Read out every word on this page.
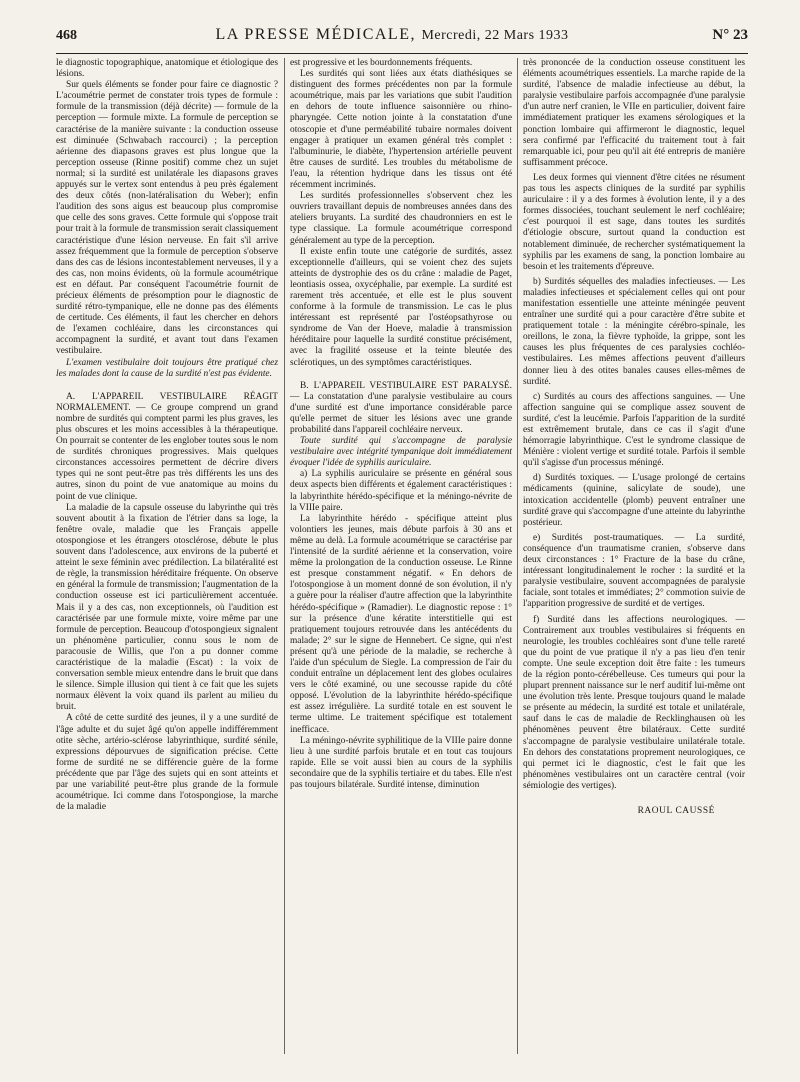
468	LA PRESSE MÉDICALE, Mercredi, 22 Mars 1933	N° 23

le diagnostic topographique, anatomique et étiologique des lésions.

Sur quels éléments se fonder pour faire ce diagnostic ? L'acoumétrie permet de constater trois types de formule : formule de la transmission (déjà décrite) — formule de la perception — formule mixte. La formule de perception se caractérise de la manière suivante : la conduction osseuse est diminuée (Schwabach raccourci) ; la perception aérienne des diapasons graves est plus longue que la perception osseuse (Rinne positif) comme chez un sujet normal; si la surdité est unilatérale les diapasons graves appuyés sur le vertex sont entendus à peu près également des deux côtés (non-latéralisation du Weber); enfin l'audition des sons aigus est beaucoup plus compromise que celle des sons graves. Cette formule qui s'oppose trait pour trait à la formule de transmission serait classiquement caractéristique d'une lésion nerveuse. En fait s'il arrive assez fréquemment que la formule de perception s'observe dans des cas de lésions incontestablement nerveuses, il y a des cas, non moins évidents, où la formule acoumétrique est en défaut. Par conséquent l'acoumétrie fournit de précieux éléments de présomption pour le diagnostic de surdité rétro-tympanique, elle ne donne pas des éléments de certitude. Ces éléments, il faut les chercher en dehors de l'examen cochléaire, dans les circonstances qui accompagnent la surdité, et avant tout dans l'examen vestibulaire.

L'examen vestibulaire doit toujours être pratiqué chez les malades dont la cause de la surdité n'est pas évidente.

A. L'APPAREIL VESTIBULAIRE RÉAGIT NORMALEMENT. — Ce groupe comprend un grand nombre de surdités qui comptent parmi les plus graves, les plus obscures et les moins accessibles à la thérapeutique. On pourrait se contenter de les englober toutes sous le nom de surdités chroniques progressives. Mais quelques circonstances accessoires permettent de décrire divers types qui ne sont peut-être pas très différents les uns des autres, sinon du point de vue anatomique au moins du point de vue clinique.

La maladie de la capsule osseuse du labyrinthe qui très souvent aboutit à la fixation de l'étrier dans sa loge, la fenêtre ovale, maladie que les Français appelle otospongiose et les étrangers otosclérose, débute le plus souvent dans l'adolescence, aux environs de la puberté et atteint le sexe féminin avec prédilection. La bilatéralité est de règle, la transmission héréditaire fréquente. On observe en général la formule de transmission; l'augmentation de la conduction osseuse est ici particulièrement accentuée. Mais il y a des cas, non exceptionnels, où l'audition est caractérisée par une formule mixte, voire même par une formule de perception. Beaucoup d'otospongieux signalent un phénomène particulier, connu sous le nom de paracousie de Willis, que l'on a pu donner comme caractéristique de la maladie (Escat) : la voix de conversation semble mieux entendre dans le bruit que dans le silence. Simple illusion qui tient à ce fait que les sujets normaux élèvent la voix quand ils parlent au milieu du bruit.

A côté de cette surdité des jeunes, il y a une surdité de l'âge adulte et du sujet âgé qu'on appelle indifféremment otite sèche, artério-sclérose labyrinthique, surdité sénile, expressions dépourvues de signification précise. Cette forme de surdité ne se différencie guère de la forme précédente que par l'âge des sujets qui en sont atteints et par une variabilité peut-être plus grande de la formule acoumétrique. Ici comme dans l'otospongiose, la marche de la maladie

est progressive et les bourdonnements fréquents.

Les surdités qui sont liées aux états diathésiques se distinguent des formes précédentes non par la formule acoumétrique, mais par les variations que subit l'audition en dehors de toute influence saisonnière ou rhino-pharyngée. Cette notion jointe à la constatation d'une otoscopie et d'une perméabilité tubaire normales doivent engager à pratiquer un examen général très complet : l'albuminurie, le diabète, l'hypertension artérielle peuvent être causes de surdité. Les troubles du métabolisme de l'eau, la rétention hydrique dans les tissus ont été récemment incriminés.

Les surdités professionnelles s'observent chez les ouvriers travaillant depuis de nombreuses années dans des ateliers bruyants. La surdité des chaudronniers en est le type classique. La formule acoumétrique correspond généralement au type de la perception.

Il existe enfin toute une catégorie de surdités, assez exceptionnelle d'ailleurs, qui se voient chez des sujets atteints de dystrophie des os du crâne : maladie de Paget, leontiasis ossea, oxycéphalie, par exemple. La surdité est rarement très accentuée, et elle est le plus souvent conforme à la formule de transmission. Le cas le plus intéressant est représenté par l'ostéopsathyrose ou syndrome de Van der Hoeve, maladie à transmission héréditaire pour laquelle la surdité constitue précisément, avec la fragilité osseuse et la teinte bleutée des sclérotiques, un des symptômes caractéristiques.

B. L'APPAREIL VESTIBULAIRE EST PARALYSÉ. — La constatation d'une paralysie vestibulaire au cours d'une surdité est d'une importance considérable parce qu'elle permet de situer les lésions avec une grande probabilité dans l'appareil cochléaire nerveux.

Toute surdité qui s'accompagne de paralysie vestibulaire avec intégrité tympanique doit immédiatement évoquer l'idée de syphilis auriculaire.

a) La syphilis auriculaire se présente en général sous deux aspects bien différents et également caractéristiques : la labyrinthite hérédo-spécifique et la méningo-névrite de la VIIIe paire.

La labyrinthite hérédo - spécifique atteint plus volontiers les jeunes, mais débute parfois à 30 ans et même au delà. La formule acoumétrique se caractérise par l'intensité de la surdité aérienne et la conservation, voire même la prolongation de la conduction osseuse. Le Rinne est presque constamment négatif. « En dehors de l'otospongiose à un moment donné de son évolution, il n'y a guère pour la réaliser d'autre affection que la labyrinthite hérédo-spécifique » (Ramadier). Le diagnostic repose : 1° sur la présence d'une kératite interstitielle qui est pratiquement toujours retrouvée dans les antécédents du malade; 2° sur le signe de Hennebert. Ce signe, qui n'est présent qu'à une période de la maladie, se recherche à l'aide d'un spéculum de Siegle. La compression de l'air du conduit entraîne un déplacement lent des globes oculaires vers le côté examiné, ou une secousse rapide du côté opposé. L'évolution de la labyrinthite hérédo-spécifique est assez irrégulière. La surdité totale en est souvent le terme ultime. Le traitement spécifique est totalement inefficace.

La méningo-névrite syphilitique de la VIIIe paire donne lieu à une surdité parfois brutale et en tout cas toujours rapide. Elle se voit aussi bien au cours de la syphilis secondaire que de la syphilis tertiaire et du tabes. Elle n'est pas toujours bilatérale. Surdité intense, diminution

très prononcée de la conduction osseuse constituent les éléments acoumétriques essentiels. La marche rapide de la surdité, l'absence de maladie infectieuse au début, la paralysie vestibulaire parfois accompagnée d'une paralysie d'un autre nerf cranien, le VIIe en particulier, doivent faire immédiatement pratiquer les examens sérologiques et la ponction lombaire qui affirmeront le diagnostic, lequel sera confirmé par l'efficacité du traitement tout à fait remarquable ici, pour peu qu'il ait été entrepris de manière suffisamment précoce.

Les deux formes qui viennent d'être citées ne résument pas tous les aspects cliniques de la surdité par syphilis auriculaire : il y a des formes à évolution lente, il y a des formes dissociées, touchant seulement le nerf cochléaire; c'est pourquoi il est sage, dans toutes les surdités d'étiologie obscure, surtout quand la conduction est notablement diminuée, de rechercher systématiquement la syphilis par les examens de sang, la ponction lombaire au besoin et les traitements d'épreuve.

b) Surdités séquelles des maladies infectieuses. — Les maladies infectieuses et spécialement celles qui ont pour manifestation essentielle une atteinte méningée peuvent entraîner une surdité qui a pour caractère d'être subite et pratiquement totale : la méningite cérébro-spinale, les oreillons, le zona, la fièvre typhoïde, la grippe, sont les causes les plus fréquentes de ces paralysies cochléo-vestibulaires. Les mêmes affections peuvent d'ailleurs donner lieu à des otites banales causes elles-mêmes de surdité.

c) Surdités au cours des affections sanguines. — Une affection sanguine qui se complique assez souvent de surdité, c'est la leucémie. Parfois l'apparition de la surdité est extrêmement brutale, dans ce cas il s'agit d'une hémorragie labyrinthique. C'est le syndrome classique de Ménière : violent vertige et surdité totale. Parfois il semble qu'il s'agisse d'un processus méningé.

d) Surdités toxiques. — L'usage prolongé de certains médicaments (quinine, salicylate de soude), une intoxication accidentelle (plomb) peuvent entraîner une surdité grave qui s'accompagne d'une atteinte du labyrinthe postérieur.

e) Surdités post-traumatiques. — La surdité, conséquence d'un traumatisme cranien, s'observe dans deux circonstances : 1° Fracture de la base du crâne, intéressant longitudinalement le rocher : la surdité et la paralysie vestibulaire, souvent accompagnées de paralysie faciale, sont totales et immédiates; 2° commotion suivie de l'apparition progressive de surdité et de vertiges.

f) Surdité dans les affections neurologiques. — Contrairement aux troubles vestibulaires si fréquents en neurologie, les troubles cochléaires sont d'une telle rareté que du point de vue pratique il n'y a pas lieu d'en tenir compte. Une seule exception doit être faite : les tumeurs de la région ponto-cérébelleuse. Ces tumeurs qui pour la plupart prennent naissance sur le nerf auditif lui-même ont une évolution très lente. Presque toujours quand le malade se présente au médecin, la surdité est totale et unilatérale, sauf dans le cas de maladie de Recklinghausen où les phénomènes peuvent être bilatéraux. Cette surdité s'accompagne de paralysie vestibulaire unilatérale totale. En dehors des constatations proprement neurologiques, ce qui permet ici le diagnostic, c'est le fait que les phénomènes vestibulaires ont un caractère central (voir sémiologie des vertiges).

RAOUL CAUSSÉ
